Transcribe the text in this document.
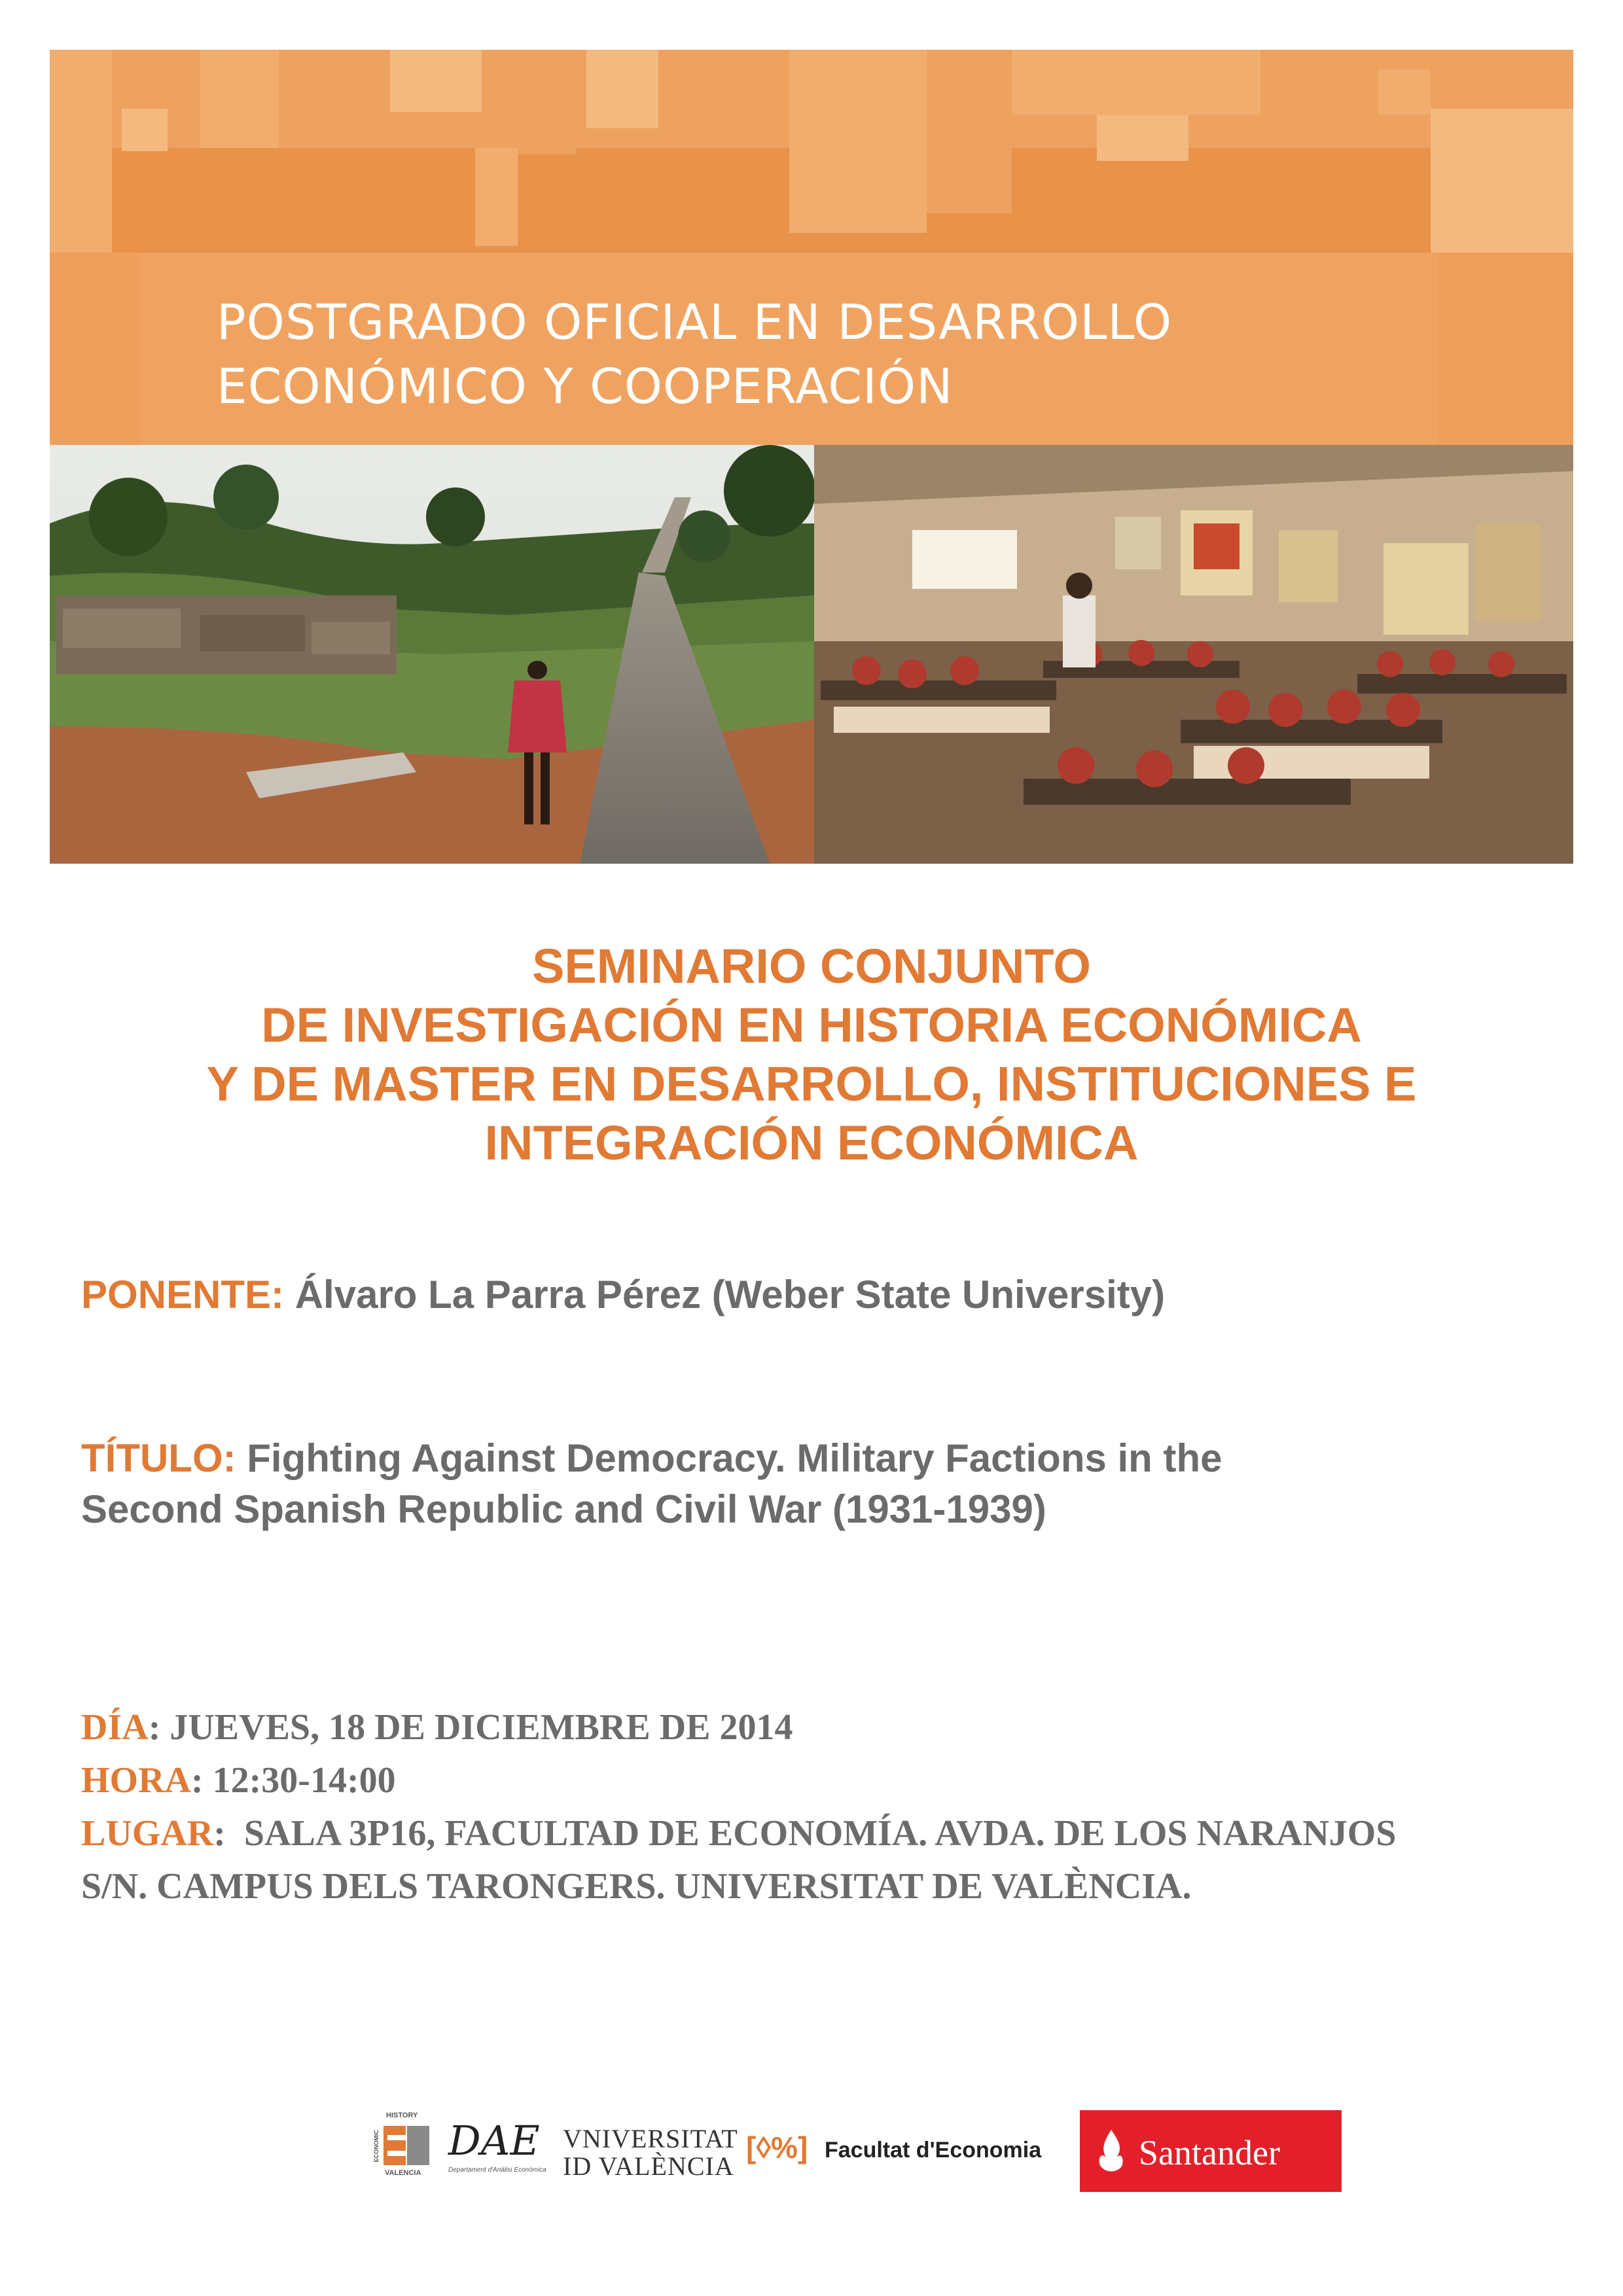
POSTGRADO OFICIAL EN DESARROLLO
ECONÓMICO Y COOPERACIÓN
SEMINARIO CONJUNTO
DE INVESTIGACIÓN EN HISTORIA ECONÓMICA
Y DE MASTER EN DESARROLLO, INSTITUCIONES E
INTEGRACIÓN ECONÓMICA
PONENTE: Álvaro La Parra Pérez (Weber State University)
TÍTULO: Fighting Against Democracy. Military Factions in the
Second Spanish Republic and Civil War (1931-1939)
DÍA: JUEVES, 18 DE DICIEMBRE DE 2014
HORA: 12:30-14:00
LUGAR:  SALA 3P16, FACULTAD DE ECONOMÍA. AVDA. DE LOS NARANJOS
S/N. CAMPUS DELS TARONGERS. UNIVERSITAT DE VALÈNCIA.
HISTORY
ECONOMIC
VALENCIA
DAE
Departament d'Anàlisi Econòmica
VNIVERSITAT
ID VALÈNCIA
[◊%] Facultat d'Economia	Santander
